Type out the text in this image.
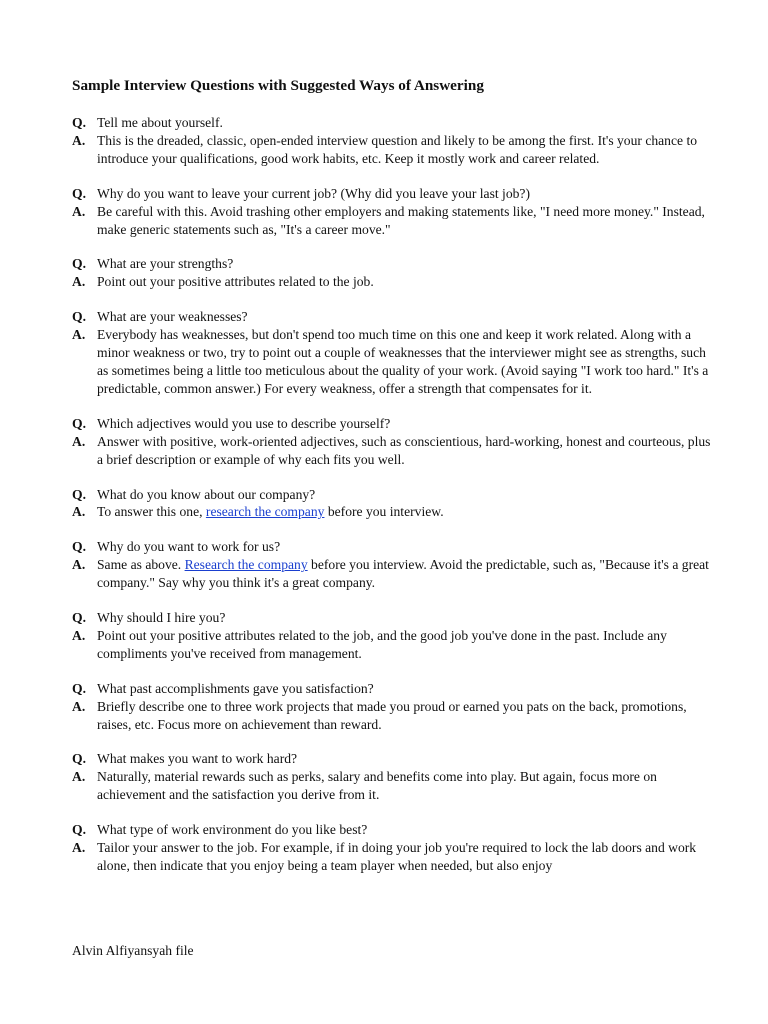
Sample Interview Questions with Suggested Ways of Answering
Q. Tell me about yourself.
A. This is the dreaded, classic, open-ended interview question and likely to be among the first. It's your chance to introduce your qualifications, good work habits, etc. Keep it mostly work and career related.
Q. Why do you want to leave your current job? (Why did you leave your last job?)
A. Be careful with this. Avoid trashing other employers and making statements like, "I need more money." Instead, make generic statements such as, "It's a career move."
Q. What are your strengths?
A. Point out your positive attributes related to the job.
Q. What are your weaknesses?
A. Everybody has weaknesses, but don't spend too much time on this one and keep it work related. Along with a minor weakness or two, try to point out a couple of weaknesses that the interviewer might see as strengths, such as sometimes being a little too meticulous about the quality of your work. (Avoid saying "I work too hard." It's a predictable, common answer.) For every weakness, offer a strength that compensates for it.
Q. Which adjectives would you use to describe yourself?
A. Answer with positive, work-oriented adjectives, such as conscientious, hard-working, honest and courteous, plus a brief description or example of why each fits you well.
Q. What do you know about our company?
A. To answer this one, research the company before you interview.
Q. Why do you want to work for us?
A. Same as above. Research the company before you interview. Avoid the predictable, such as, "Because it's a great company." Say why you think it's a great company.
Q. Why should I hire you?
A. Point out your positive attributes related to the job, and the good job you've done in the past. Include any compliments you've received from management.
Q. What past accomplishments gave you satisfaction?
A. Briefly describe one to three work projects that made you proud or earned you pats on the back, promotions, raises, etc. Focus more on achievement than reward.
Q. What makes you want to work hard?
A. Naturally, material rewards such as perks, salary and benefits come into play. But again, focus more on achievement and the satisfaction you derive from it.
Q. What type of work environment do you like best?
A. Tailor your answer to the job. For example, if in doing your job you're required to lock the lab doors and work alone, then indicate that you enjoy being a team player when needed, but also enjoy
Alvin Alfiyansyah file
